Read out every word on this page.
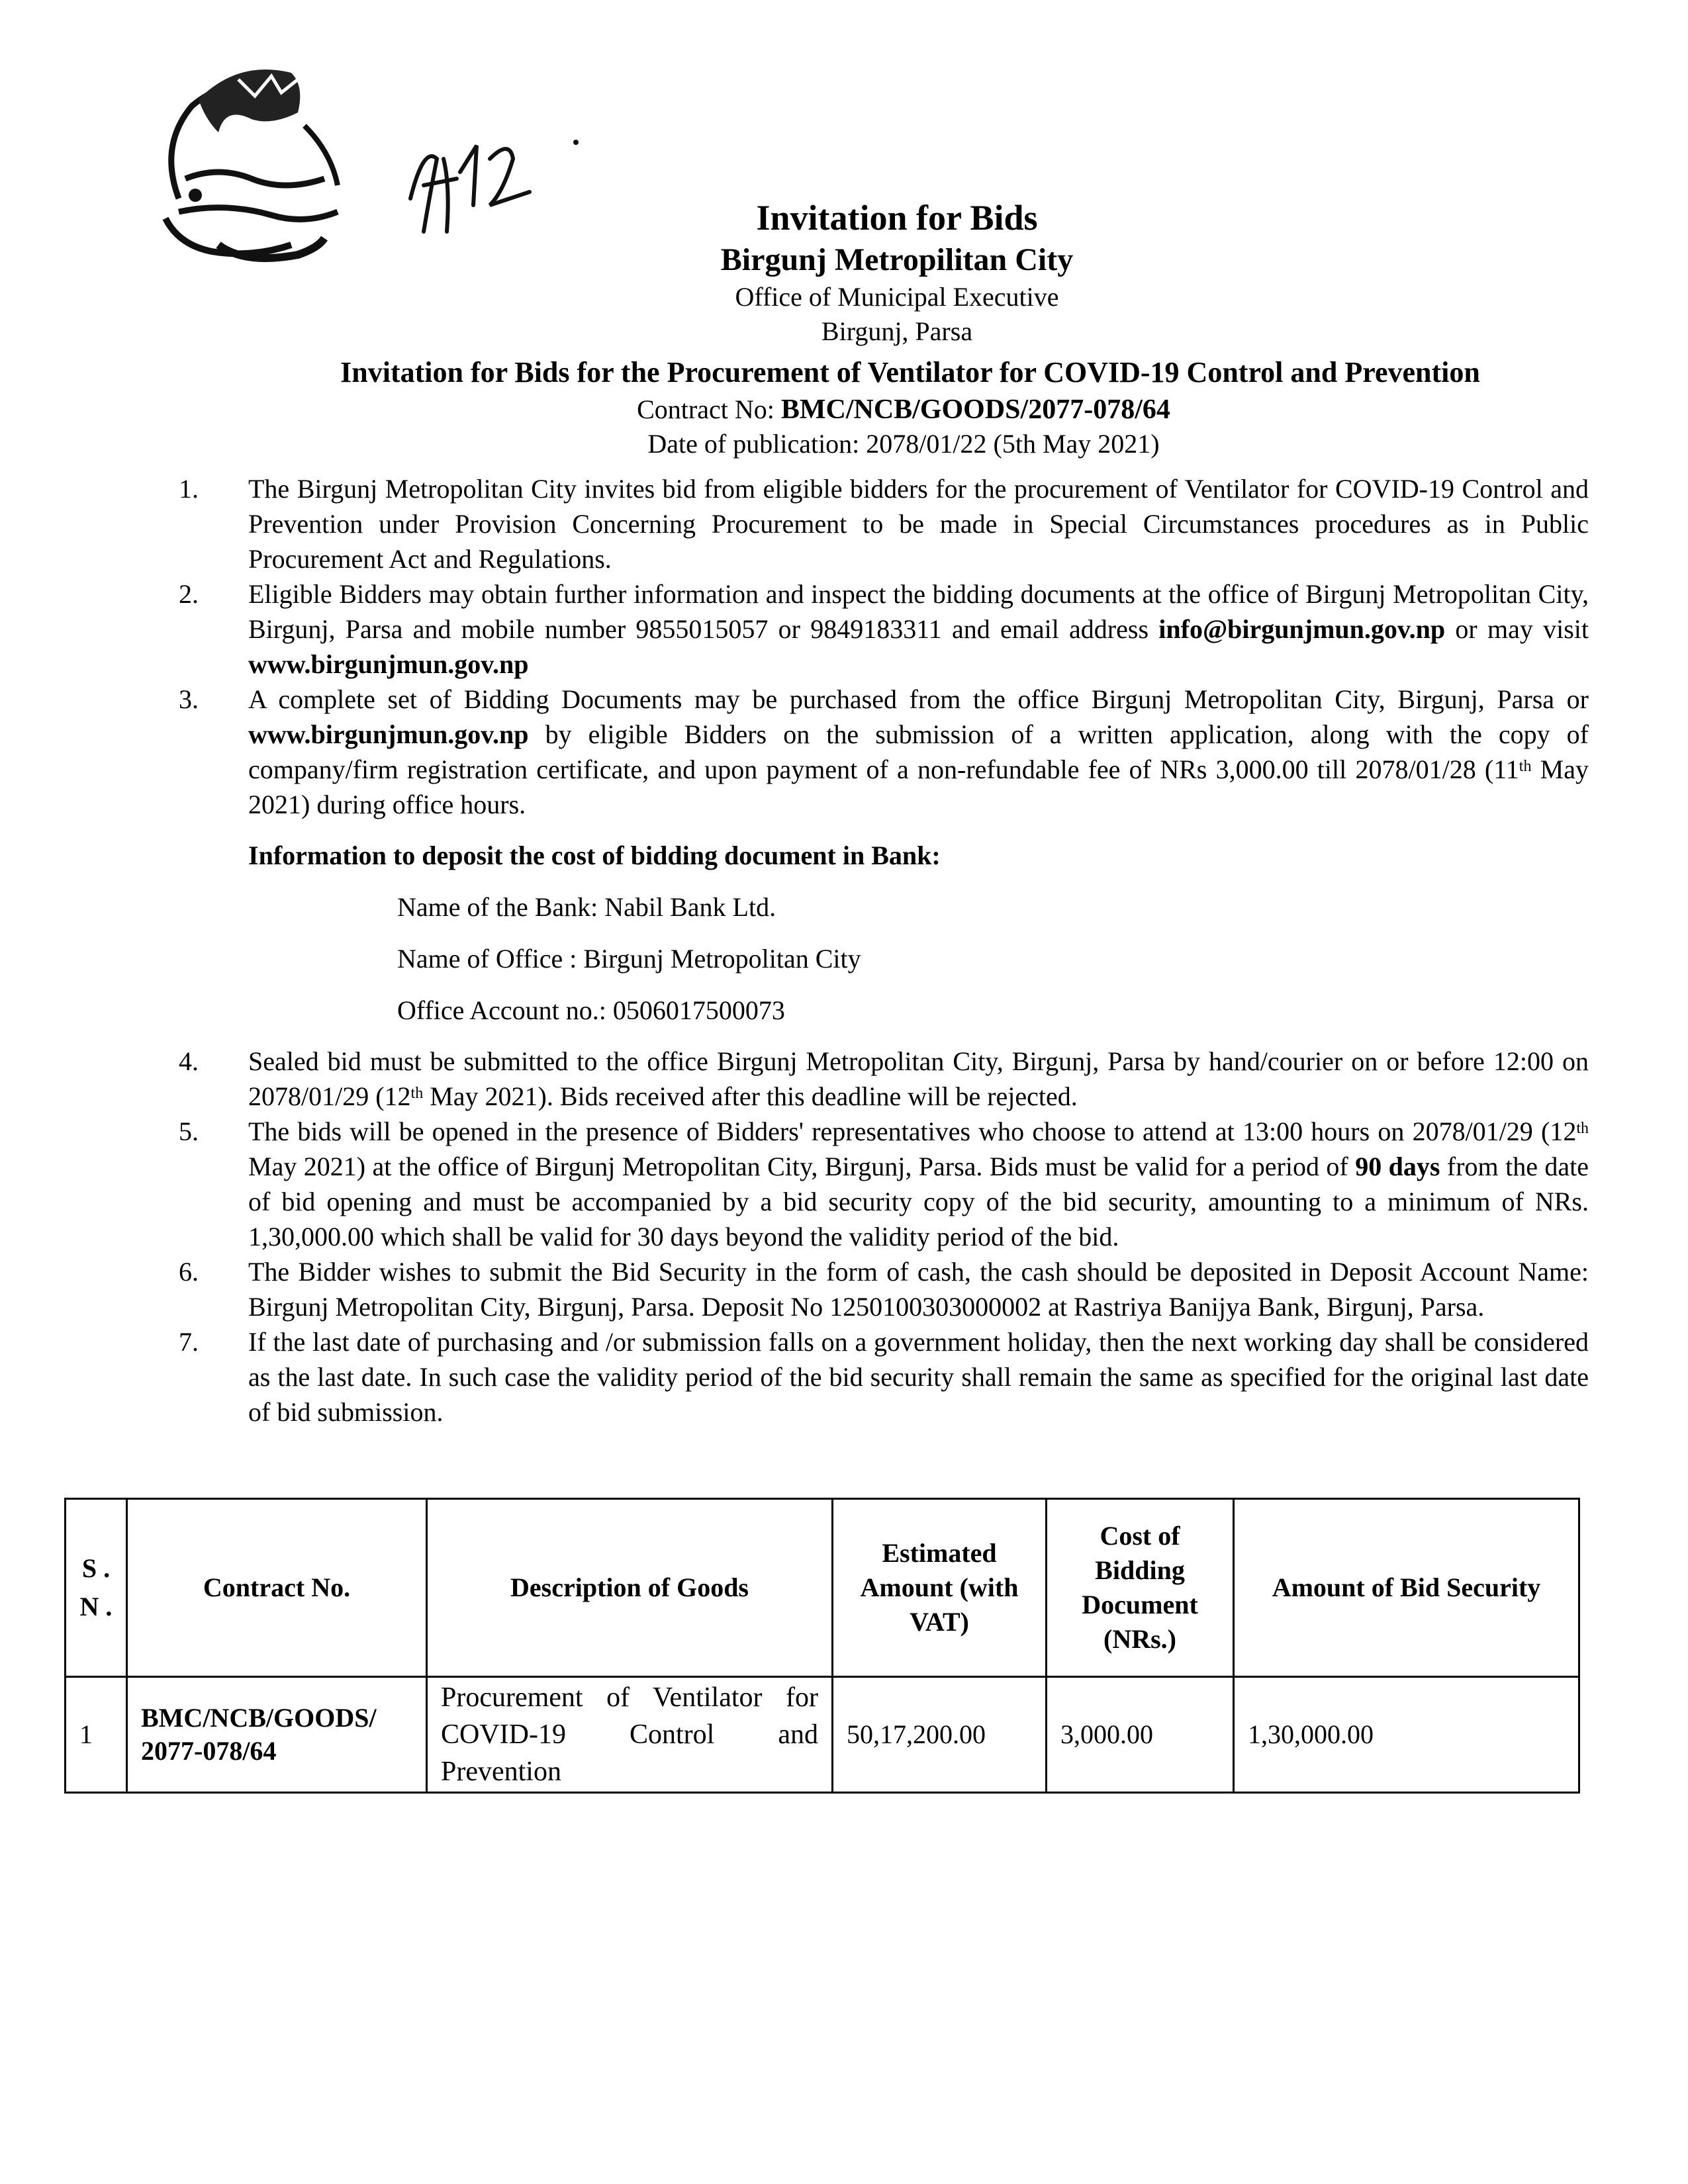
Invitation for Bids
Birgunj Metropilitan City
Office of Municipal Executive
Birgunj, Parsa
Invitation for Bids for the Procurement of Ventilator for COVID-19 Control and Prevention
Contract No: BMC/NCB/GOODS/2077-078/64
Date of publication: 2078/01/22 (5th May 2021)

1. The Birgunj Metropolitan City invites bid from eligible bidders for the procurement of Ventilator for COVID-19 Control and Prevention under Provision Concerning Procurement to be made in Special Circumstances procedures as in Public Procurement Act and Regulations.

2. Eligible Bidders may obtain further information and inspect the bidding documents at the office of Birgunj Metropolitan City, Birgunj, Parsa and mobile number 9855015057 or 9849183311 and email address info@birgunjmun.gov.np or may visit www.birgunjmun.gov.np

3. A complete set of Bidding Documents may be purchased from the office Birgunj Metropolitan City, Birgunj, Parsa or www.birgunjmun.gov.np by eligible Bidders on the submission of a written application, along with the copy of company/firm registration certificate, and upon payment of a non-refundable fee of NRs 3,000.00 till 2078/01/28 (11th May 2021) during office hours.

Information to deposit the cost of bidding document in Bank:
Name of the Bank: Nabil Bank Ltd.
Name of Office : Birgunj Metropolitan City
Office Account no.: 0506017500073

4. Sealed bid must be submitted to the office Birgunj Metropolitan City, Birgunj, Parsa by hand/courier on or before 12:00 on 2078/01/29 (12th May 2021). Bids received after this deadline will be rejected.

5. The bids will be opened in the presence of Bidders' representatives who choose to attend at 13:00 hours on 2078/01/29 (12th May 2021) at the office of Birgunj Metropolitan City, Birgunj, Parsa. Bids must be valid for a period of 90 days from the date of bid opening and must be accompanied by a bid security copy of the bid security, amounting to a minimum of NRs. 1,30,000.00 which shall be valid for 30 days beyond the validity period of the bid.

6. The Bidder wishes to submit the Bid Security in the form of cash, the cash should be deposited in Deposit Account Name: Birgunj Metropolitan City, Birgunj, Parsa. Deposit No 1250100303000002 at Rastriya Banijya Bank, Birgunj, Parsa.

7. If the last date of purchasing and /or submission falls on a government holiday, then the next working day shall be considered as the last date. In such case the validity period of the bid security shall remain the same as specified for the original last date of bid submission.

S . N .	Contract No.	Description of Goods	Estimated Amount (with VAT)	Cost of Bidding Document (NRs.)	Amount of Bid Security
1	BMC/NCB/GOODS/ 2077-078/64	Procurement of Ventilator for COVID-19 Control and Prevention	50,17,200.00	3,000.00	1,30,000.00
